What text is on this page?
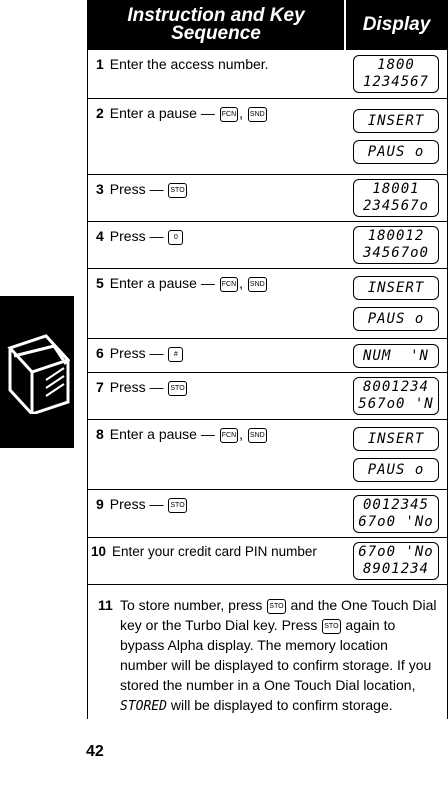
Instruction and Key Sequence	Display
1 Enter the access number.	1800
1234567
2 Enter a pause — FCN , SND	INSERT
PAUS o
3 Press — STO	18001
234567o
4 Press — 0	180012
34567o0
5 Enter a pause — FCN , SND	INSERT
PAUS o
6 Press — #	NUM  'N
7 Press — STO	8001234
567o0 'N
8 Enter a pause — FCN , SND	INSERT
PAUS o
9 Press — STO	0012345
67o0 'No
10 Enter your credit card PIN number	67o0 'No
8901234
11 To store number, press STO and the One Touch Dial key or the Turbo Dial key. Press STO again to bypass Alpha display. The memory location number will be displayed to confirm storage. If you stored the number in a One Touch Dial location, STORED will be displayed to confirm storage.
42
